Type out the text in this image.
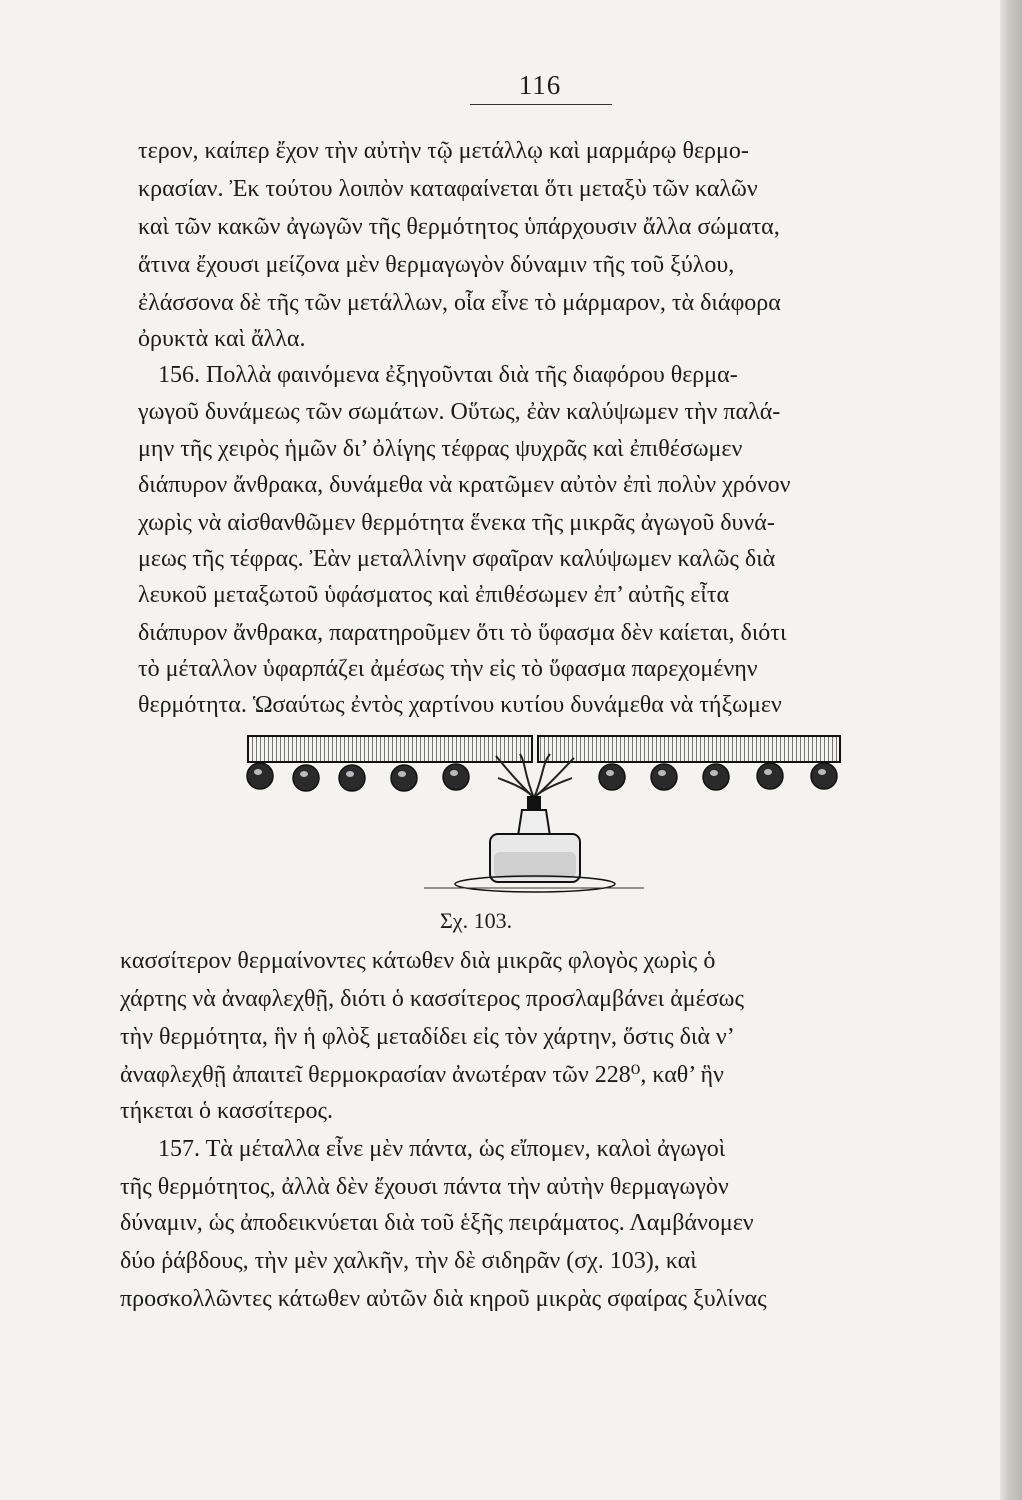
116
τερον, καίπερ ἔχον τὴν αὐτὴν τῷ μετάλλῳ καὶ μαρμάρῳ θερμο-
κρασίαν. Ἐκ τούτου λοιπὸν καταφαίνεται ὅτι μεταξὺ τῶν καλῶν
καὶ τῶν κακῶν ἀγωγῶν τῆς θερμότητος ὑπάρχουσιν ἄλλα σώματα,
ἅτινα ἔχουσι μείζονα μὲν θερμαγωγὸν δύναμιν τῆς τοῦ ξύλου,
ἐλάσσονα δὲ τῆς τῶν μετάλλων, οἷα εἶνε τὸ μάρμαρον, τὰ διάφορα
ὀρυκτὰ καὶ ἄλλα.
156. Πολλὰ φαινόμενα ἐξηγοῦνται διὰ τῆς διαφόρου θερμα-
γωγοῦ δυνάμεως τῶν σωμάτων. Οὕτως, ἐὰν καλύψωμεν τὴν παλά-
μην τῆς χειρὸς ἡμῶν δι’ ὀλίγης τέφρας ψυχρᾶς καὶ ἐπιθέσωμεν
διάπυρον ἄνθρακα, δυνάμεθα νὰ κρατῶμεν αὐτὸν ἐπὶ πολὺν χρόνον
χωρὶς νὰ αἰσθανθῶμεν θερμότητα ἕνεκα τῆς μικρᾶς ἀγωγοῦ δυνά-
μεως τῆς τέφρας. Ἐὰν μεταλλίνην σφαῖραν καλύψωμεν καλῶς διὰ
λευκοῦ μεταξωτοῦ ὑφάσματος καὶ ἐπιθέσωμεν ἐπ’ αὐτῆς εἶτα
διάπυρον ἄνθρακα, παρατηροῦμεν ὅτι τὸ ὕφασμα δὲν καίεται, διότι
τὸ μέταλλον ὑφαρπάζει ἀμέσως τὴν εἰς τὸ ὕφασμα παρεχομένην
θερμότητα. Ὡσαύτως ἐντὸς χαρτίνου κυτίου δυνάμεθα νὰ τήξωμεν
κασσίτερον θερμαίνοντες κάτωθεν διὰ μικρᾶς φλογὸς χωρὶς ὁ
χάρτης νὰ ἀναφλεχθῇ, διότι ὁ κασσίτερος προσλαμβάνει ἀμέσως
τὴν θερμότητα, ἣν ἡ φλὸξ μεταδίδει εἰς τὸν χάρτην, ὅστις διὰ ν’
ἀναφλεχθῇ ἀπαιτεῖ θερμοκρασίαν ἀνωτέραν τῶν 228⁰, καθ’ ἣν
τήκεται ὁ κασσίτερος.
157. Τὰ μέταλλα εἶνε μὲν πάντα, ὡς εἴπομεν, καλοὶ ἀγωγοὶ
τῆς θερμότητος, ἀλλὰ δὲν ἔχουσι πάντα τὴν αὐτὴν θερμαγωγὸν
δύναμιν, ὡς ἀποδεικνύεται διὰ τοῦ ἑξῆς πειράματος. Λαμβάνομεν
δύο ῥάβδους, τὴν μὲν χαλκῆν, τὴν δὲ σιδηρᾶν (σχ. 103), καὶ
προσκολλῶντες κάτωθεν αὐτῶν διὰ κηροῦ μικρὰς σφαίρας ξυλίνας
Σχ. 103.
